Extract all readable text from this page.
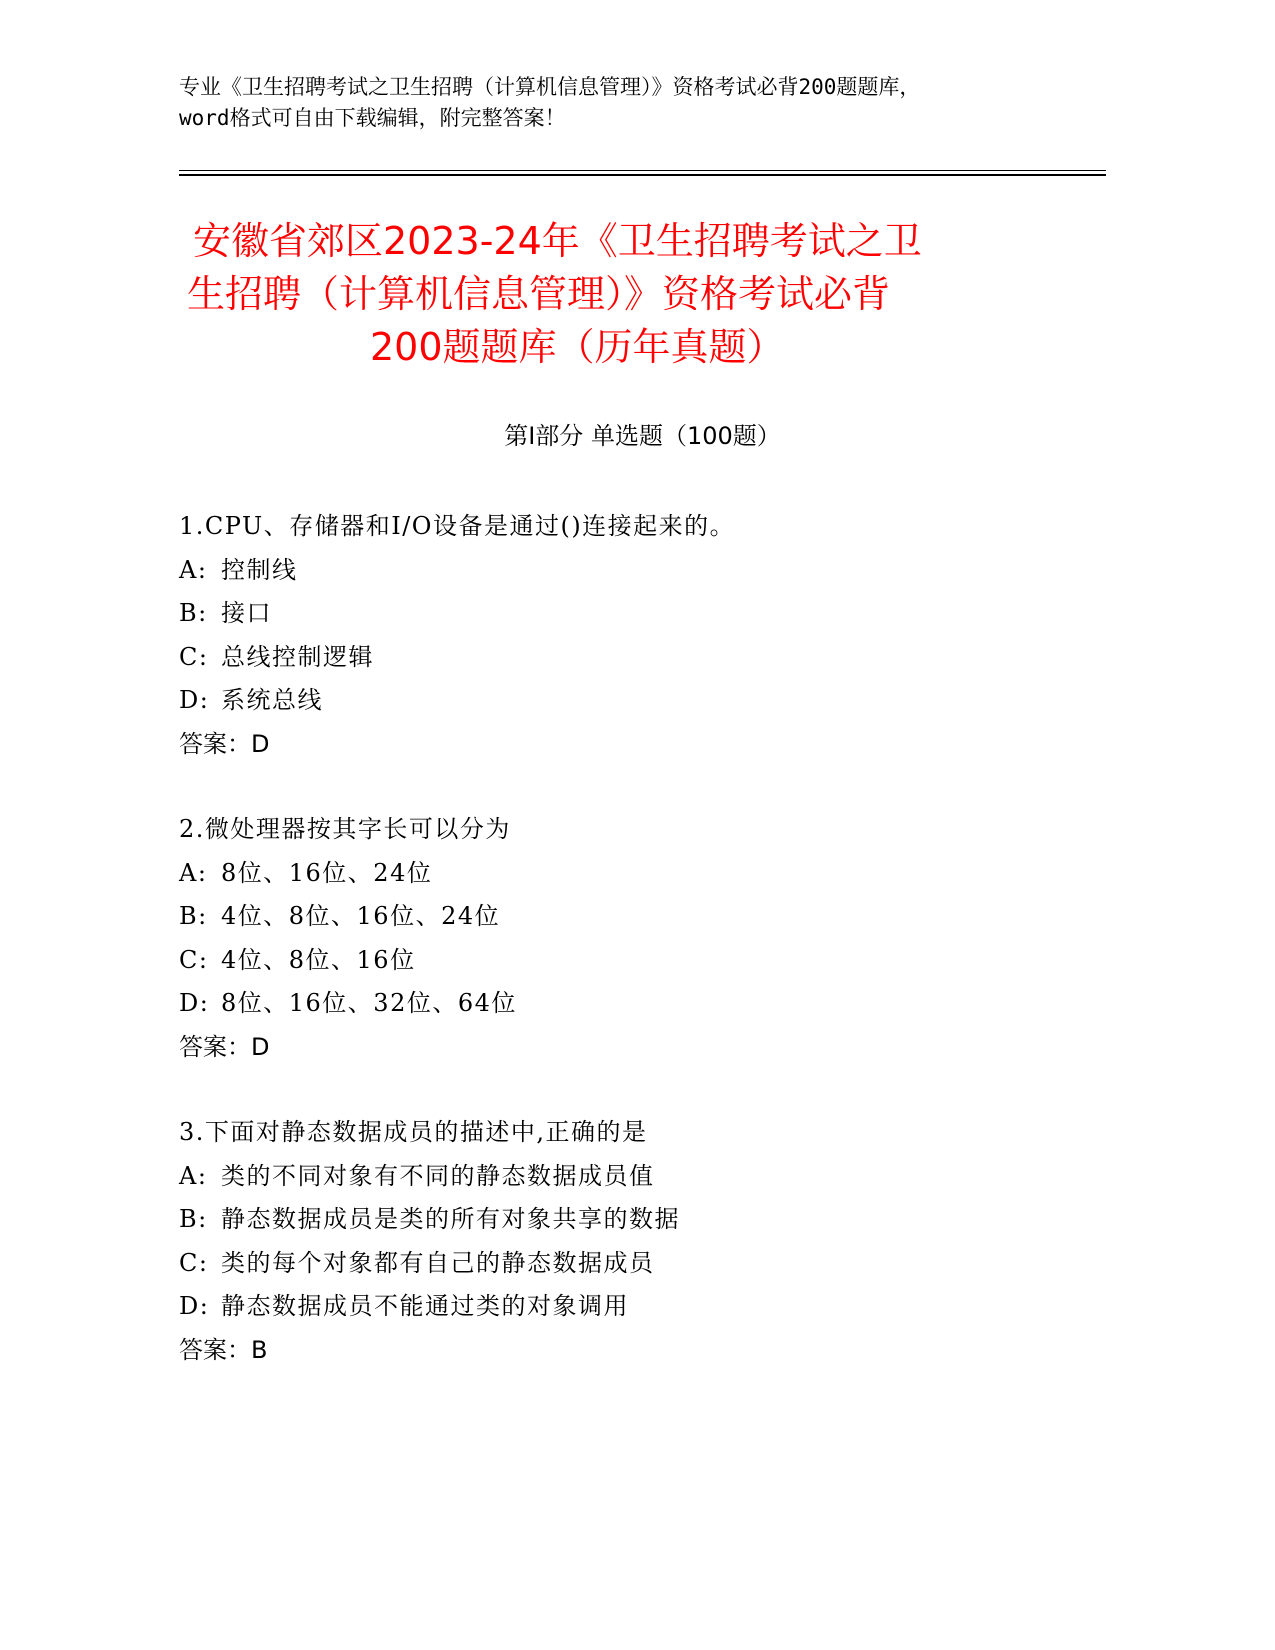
专业《卫生招聘考试之卫生招聘（计算机信息管理）》资格考试必背200题题库，

word格式可自由下载编辑，附完整答案！

安徽省郊区2023-24年《卫生招聘考试之卫
生招聘（计算机信息管理）》资格考试必背
200题题库（历年真题）
第Ⅰ部分 单选题（100题）
1.CPU、存储器和I/O设备是通过()连接起来的。
A: 控制线
B: 接口
C: 总线控制逻辑
D: 系统总线
答案：D
2.微处理器按其字长可以分为
A: 8位、16位、24位
B: 4位、8位、16位、24位
C: 4位、8位、16位
D: 8位、16位、32位、64位
答案：D
3.下面对静态数据成员的描述中,正确的是
A: 类的不同对象有不同的静态数据成员值
B: 静态数据成员是类的所有对象共享的数据
C: 类的每个对象都有自己的静态数据成员
D: 静态数据成员不能通过类的对象调用
答案：B
